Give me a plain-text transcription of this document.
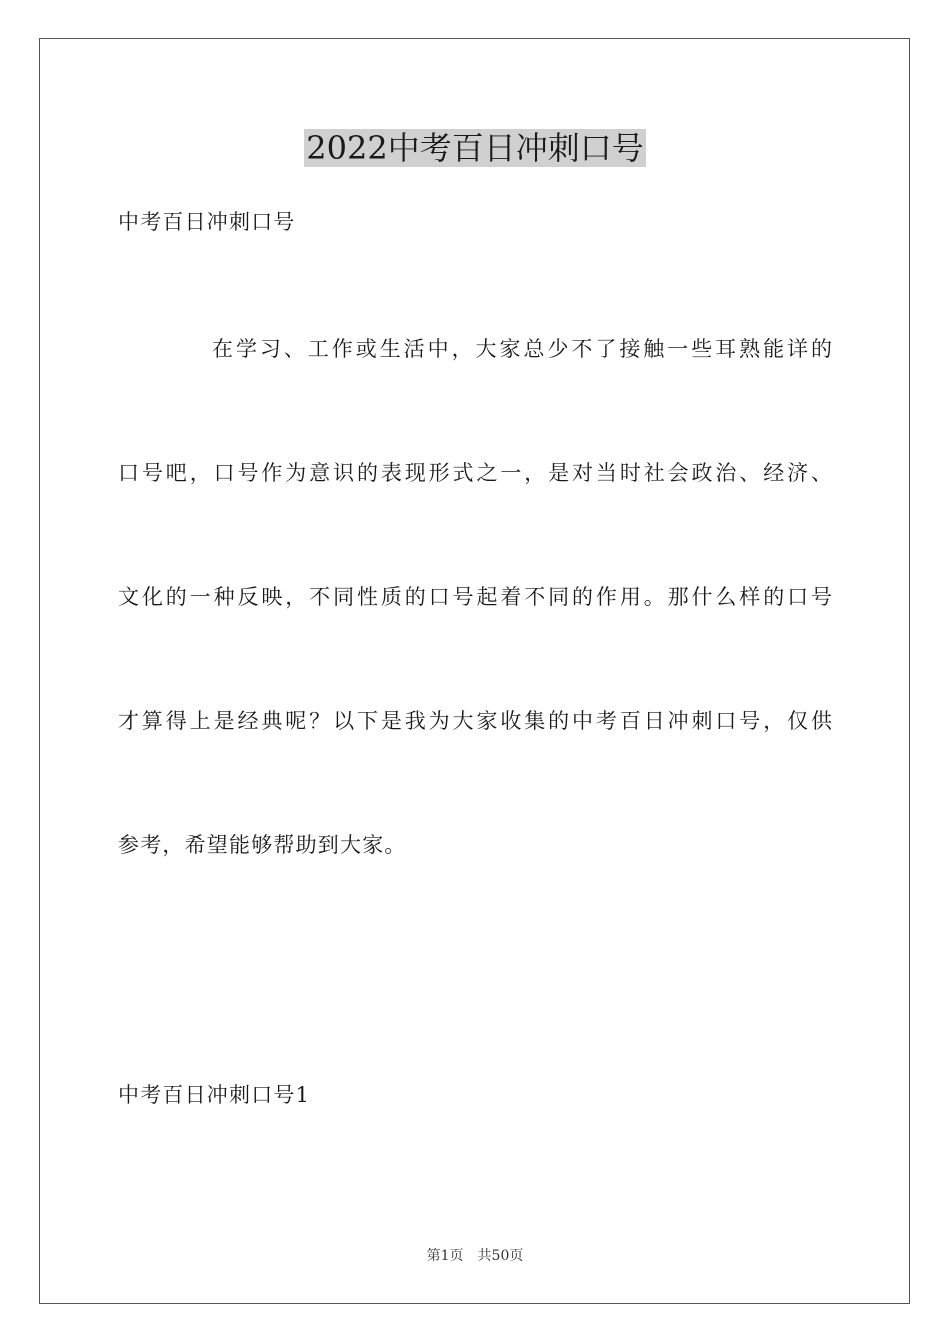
2022中考百日冲刺口号

中考百日冲刺口号

在学习、工作或生活中，大家总少不了接触一些耳熟能详的

口号吧，口号作为意识的表现形式之一，是对当时社会政治、经济、

文化的一种反映，不同性质的口号起着不同的作用。那什么样的口号

才算得上是经典呢？以下是我为大家收集的中考百日冲刺口号，仅供

参考，希望能够帮助到大家。

中考百日冲刺口号1

第1页　共50页
